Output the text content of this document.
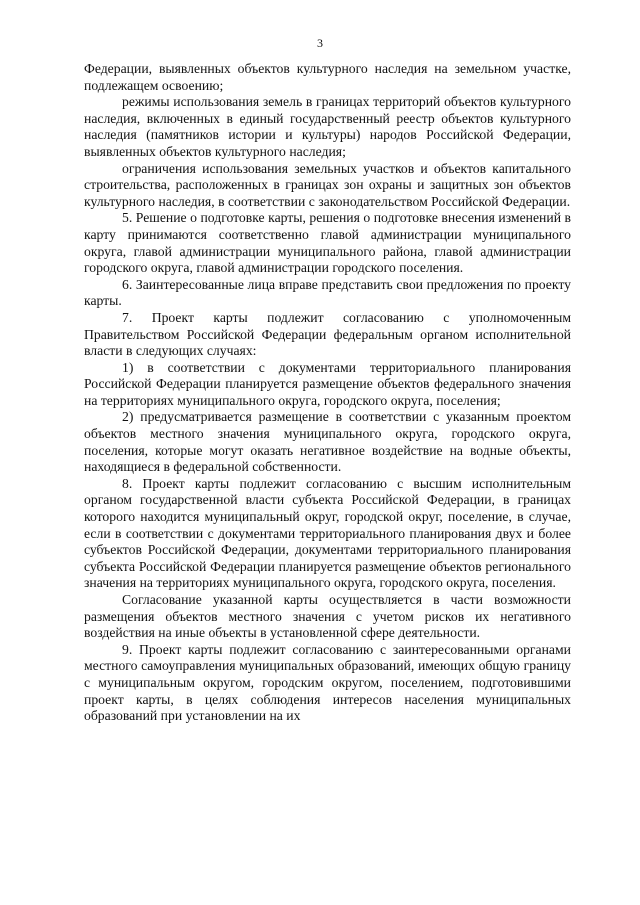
3

Федерации, выявленных объектов культурного наследия на земельном участке, подлежащем освоению;

режимы использования земель в границах территорий объектов культурного наследия, включенных в единый государственный реестр объектов культурного наследия (памятников истории и культуры) народов Российской Федерации, выявленных объектов культурного наследия;

ограничения использования земельных участков и объектов капитального строительства, расположенных в границах зон охраны и защитных зон объектов культурного наследия, в соответствии с законодательством Российской Федерации.

5. Решение о подготовке карты, решения о подготовке внесения изменений в карту принимаются соответственно главой администрации муниципального округа, главой администрации муниципального района, главой администрации городского округа, главой администрации городского поселения.

6. Заинтересованные лица вправе представить свои предложения по проекту карты.

7. Проект карты подлежит согласованию с уполномоченным Правительством Российской Федерации федеральным органом исполнительной власти в следующих случаях:

1) в соответствии с документами территориального планирования Российской Федерации планируется размещение объектов федерального значения на территориях муниципального округа, городского округа, поселения;

2) предусматривается размещение в соответствии с указанным проектом объектов местного значения муниципального округа, городского округа, поселения, которые могут оказать негативное воздействие на водные объекты, находящиеся в федеральной собственности.

8. Проект карты подлежит согласованию с высшим исполнительным органом государственной власти субъекта Российской Федерации, в границах которого находится муниципальный округ, городской округ, поселение, в случае, если в соответствии с документами территориального планирования двух и более субъектов Российской Федерации, документами территориального планирования субъекта Российской Федерации планируется размещение объектов регионального значения на территориях муниципального округа, городского округа, поселения.

Согласование указанной карты осуществляется в части возможности размещения объектов местного значения с учетом рисков их негативного воздействия на иные объекты в установленной сфере деятельности.

9. Проект карты подлежит согласованию с заинтересованными органами местного самоуправления муниципальных образований, имеющих общую границу с муниципальным округом, городским округом, поселением, подготовившими проект карты, в целях соблюдения интересов населения муниципальных образований при установлении на их
